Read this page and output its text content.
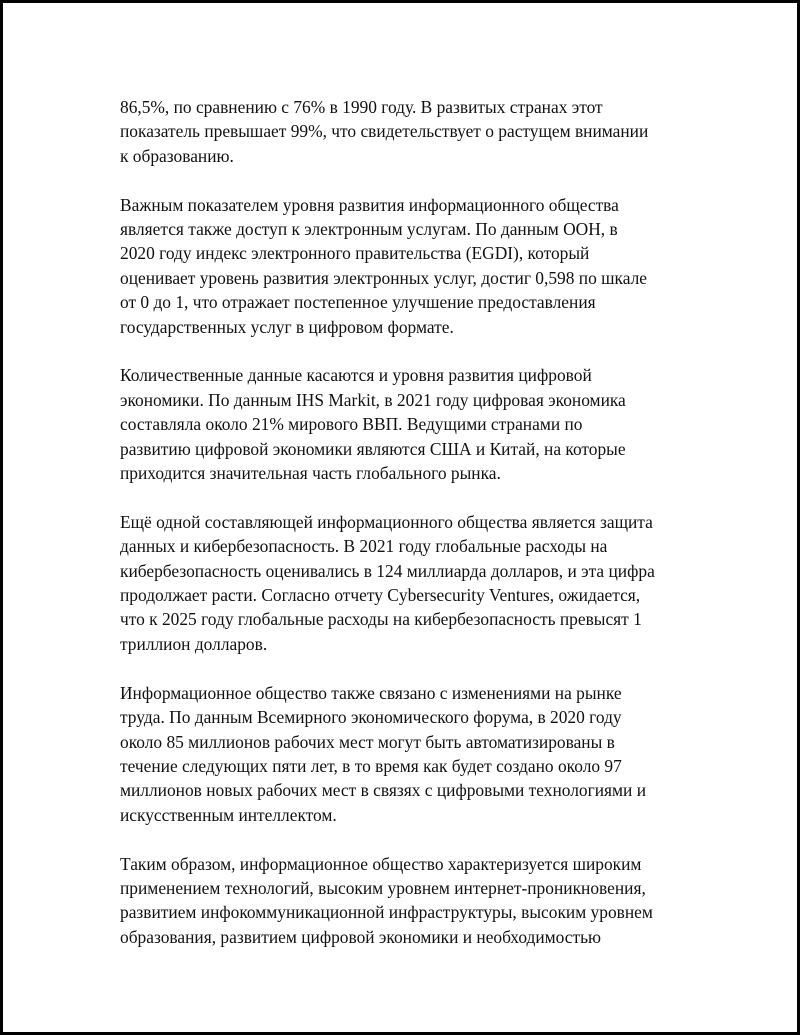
86,5%, по сравнению с 76% в 1990 году. В развитых странах этот
показатель превышает 99%, что свидетельствует о растущем внимании
к образованию.

Важным показателем уровня развития информационного общества
является также доступ к электронным услугам. По данным ООН, в
2020 году индекс электронного правительства (EGDI), который
оценивает уровень развития электронных услуг, достиг 0,598 по шкале
от 0 до 1, что отражает постепенное улучшение предоставления
государственных услуг в цифровом формате.

Количественные данные касаются и уровня развития цифровой
экономики. По данным IHS Markit, в 2021 году цифровая экономика
составляла около 21% мирового ВВП. Ведущими странами по
развитию цифровой экономики являются США и Китай, на которые
приходится значительная часть глобального рынка.

Ещё одной составляющей информационного общества является защита
данных и кибербезопасность. В 2021 году глобальные расходы на
кибербезопасность оценивались в 124 миллиарда долларов, и эта цифра
продолжает расти. Согласно отчету Cybersecurity Ventures, ожидается,
что к 2025 году глобальные расходы на кибербезопасность превысят 1
триллион долларов.

Информационное общество также связано с изменениями на рынке
труда. По данным Всемирного экономического форума, в 2020 году
около 85 миллионов рабочих мест могут быть автоматизированы в
течение следующих пяти лет, в то время как будет создано около 97
миллионов новых рабочих мест в связях с цифровыми технологиями и
искусственным интеллектом.

Таким образом, информационное общество характеризуется широким
применением технологий, высоким уровнем интернет-проникновения,
развитием инфокоммуникационной инфраструктуры, высоким уровнем
образования, развитием цифровой экономики и необходимостью
